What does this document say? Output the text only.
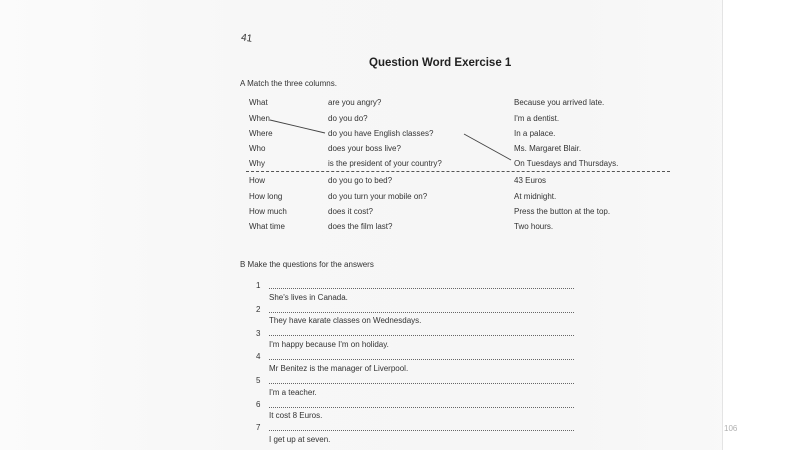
41
Question Word Exercise 1
A Match the three columns.
What	are you angry?	Because you arrived late.
When	do you do?	I'm a dentist.
Where	do you have English classes?	In a palace.
Who	does your boss live?	Ms. Margaret Blair.
Why	is the president of your country?	On Tuesdays and Thursdays.
How	do you go to bed?	43 Euros
How long	do you turn your mobile on?	At midnight.
How much	does it cost?	Press the button at the top.
What time	does the film last?	Two hours.
B Make the questions for the answers
1
She's lives in Canada.
2
They have karate classes on Wednesdays.
3
I'm happy because I'm on holiday.
4
Mr Benitez is the manager of Liverpool.
5
I'm a teacher.
6
It cost 8 Euros.
7
I get up at seven.
106
